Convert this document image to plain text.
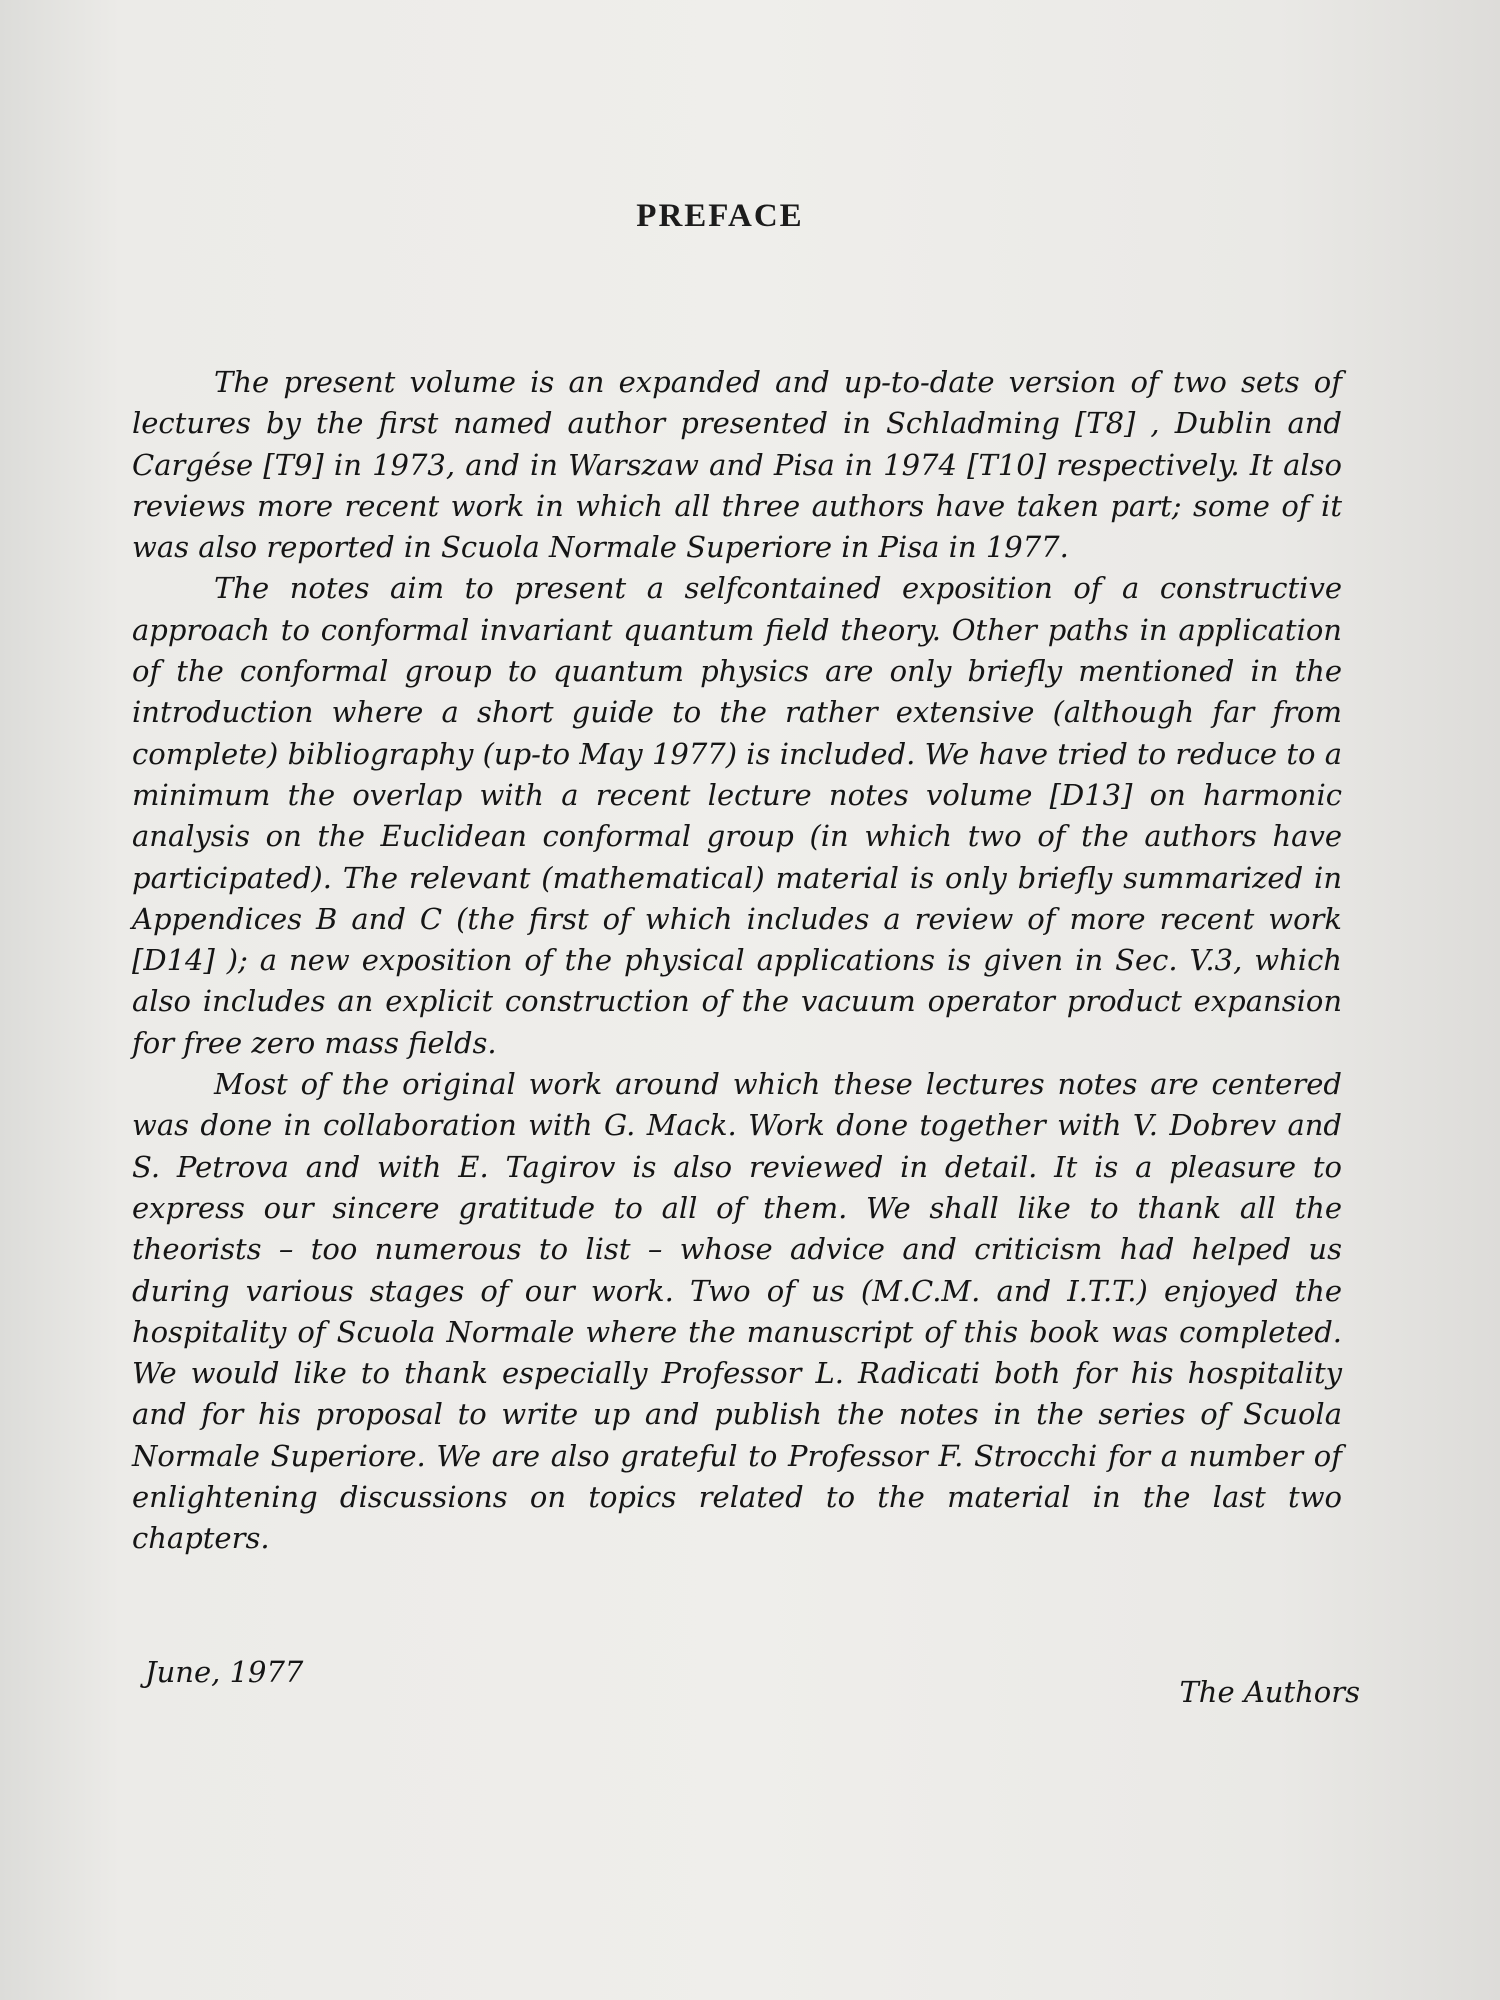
PREFACE

The present volume is an expanded and up-to-date version of two sets of lectures by the first named author presented in Schladming [T8] , Dublin and Cargése [T9] in 1973, and in Warszaw and Pisa in 1974 [T10] respectively. It also reviews more recent work in which all three authors have taken part; some of it was also reported in Scuola Normale Superiore in Pisa in 1977.

The notes aim to present a selfcontained exposition of a constructive approach to conformal invariant quantum field theory. Other paths in application of the conformal group to quantum physics are only briefly mentioned in the introduction where a short guide to the rather extensive (although far from complete) bibliography (up-to May 1977) is included. We have tried to reduce to a minimum the overlap with a recent lecture notes volume [D13] on harmonic analysis on the Euclidean conformal group (in which two of the authors have participated). The relevant (mathematical) material is only briefly summarized in Appendices B and C (the first of which includes a review of more recent work [D14] ); a new exposition of the physical applications is given in Sec. V.3, which also includes an explicit construction of the vacuum operator product expansion for free zero mass fields.

Most of the original work around which these lectures notes are centered was done in collaboration with G. Mack. Work done together with V. Dobrev and S. Petrova and with E. Tagirov is also reviewed in detail. It is a pleasure to express our sincere gratitude to all of them. We shall like to thank all the theorists – too numerous to list – whose advice and criticism had helped us during various stages of our work. Two of us (M.C.M. and I.T.T.) enjoyed the hospitality of Scuola Normale where the manuscript of this book was completed. We would like to thank especially Professor L. Radicati both for his hospitality and for his proposal to write up and publish the notes in the series of Scuola Normale Superiore. We are also grateful to Professor F. Strocchi for a number of enlightening discussions on topics related to the material in the last two chapters.

June, 1977
The Authors
